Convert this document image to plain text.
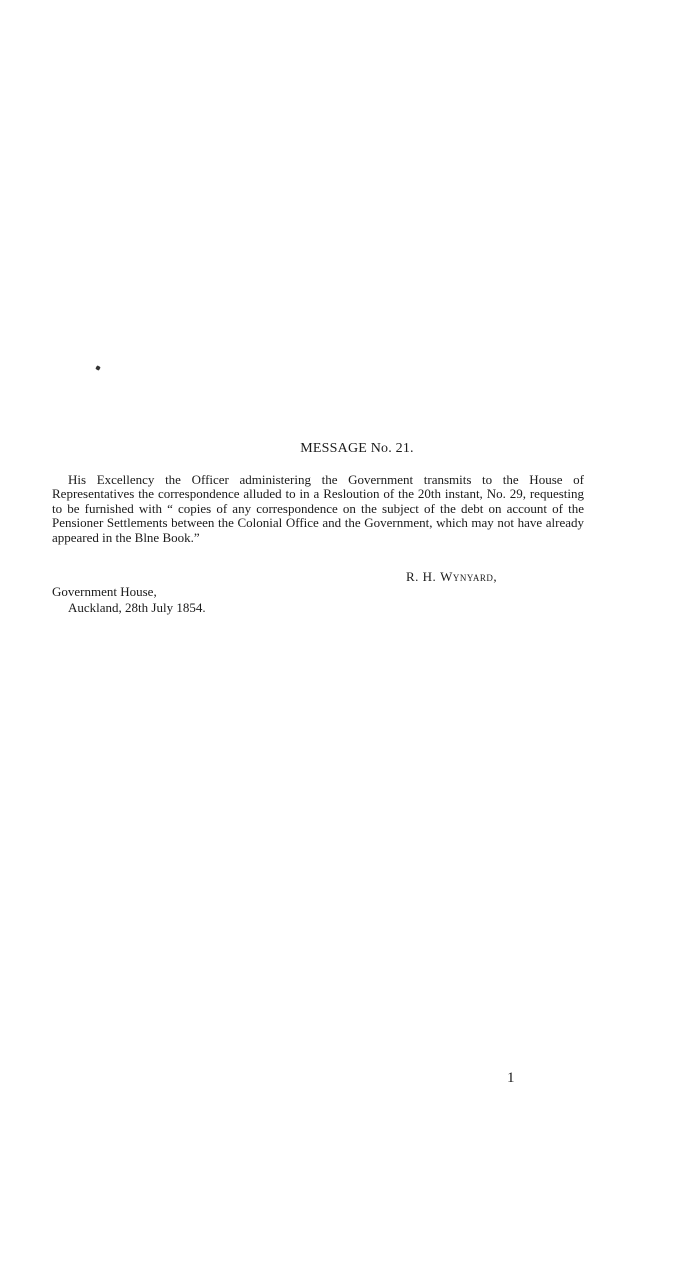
MESSAGE No. 21.

His Excellency the Officer administering the Government transmits to the House of Representatives the correspondence alluded to in a Resloution of the 20th instant, No. 29, requesting to be furnished with “ copies of any correspondence on the subject of the debt on account of the Pensioner Settlements between the Colonial Office and the Government, which may not have already appeared in the Blne Book.”

R. H. Wynyard,
Government House,
Auckland, 28th July 1854.
1
